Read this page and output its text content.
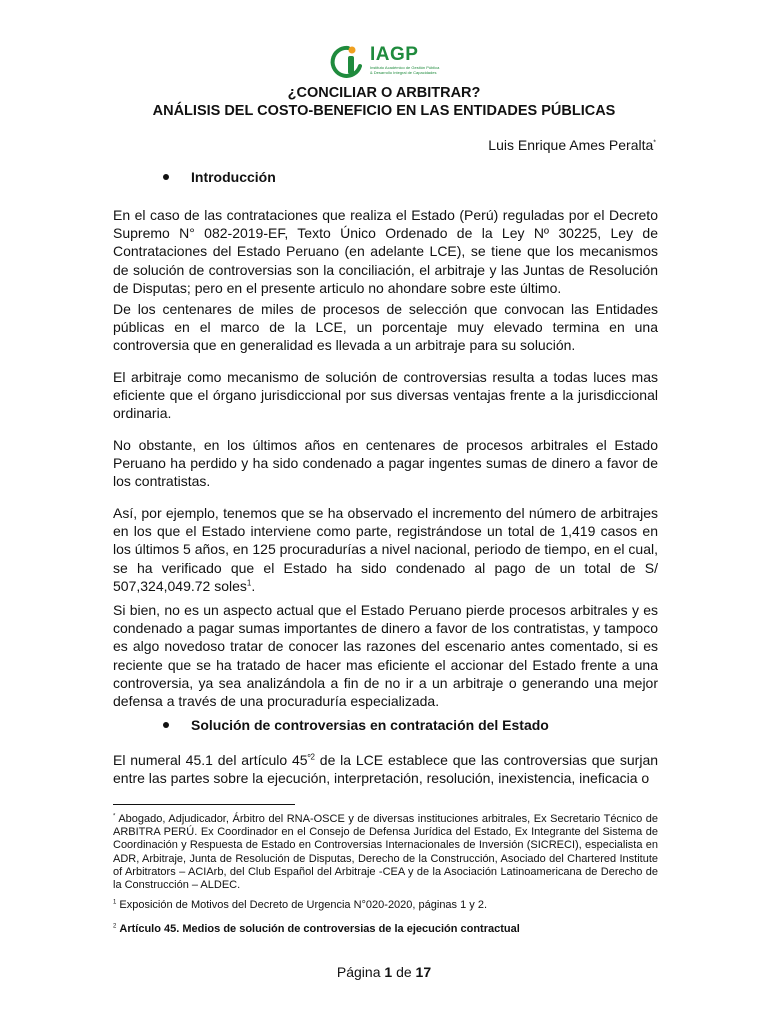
IAGP
Instituto Académico de Gestión Pública & Desarrollo Integral de Capacidades
¿CONCILIAR O ARBITRAR?
ANÁLISIS DEL COSTO-BENEFICIO EN LAS ENTIDADES PÚBLICAS
Luis Enrique Ames Peralta*
Introducción
En el caso de las contrataciones que realiza el Estado (Perú) reguladas por el Decreto Supremo N° 082-2019-EF, Texto Único Ordenado de la Ley Nº 30225, Ley de Contrataciones del Estado Peruano (en adelante LCE), se tiene que los mecanismos de solución de controversias son la conciliación, el arbitraje y las Juntas de Resolución de Disputas; pero en el presente articulo no ahondare sobre este último.
De los centenares de miles de procesos de selección que convocan las Entidades públicas en el marco de la LCE, un porcentaje muy elevado termina en una controversia que en generalidad es llevada a un arbitraje para su solución.
El arbitraje como mecanismo de solución de controversias resulta a todas luces mas eficiente que el órgano jurisdiccional por sus diversas ventajas frente a la jurisdiccional ordinaria.
No obstante, en los últimos años en centenares de procesos arbitrales el Estado Peruano ha perdido y ha sido condenado a pagar ingentes sumas de dinero a favor de los contratistas.
Así, por ejemplo, tenemos que se ha observado el incremento del número de arbitrajes en los que el Estado interviene como parte, registrándose un total de 1,419 casos en los últimos 5 años, en 125 procuradurías a nivel nacional, periodo de tiempo, en el cual, se ha verificado que el Estado ha sido condenado al pago de un total de S/ 507,324,049.72 soles$^1$.
Si bien, no es un aspecto actual que el Estado Peruano pierde procesos arbitrales y es condenado a pagar sumas importantes de dinero a favor de los contratistas, y tampoco es algo novedoso tratar de conocer las razones del escenario antes comentado, si es reciente que se ha tratado de hacer mas eficiente el accionar del Estado frente a una controversia, ya sea analizándola a fin de no ir a un arbitraje o generando una mejor defensa a través de una procuraduría especializada.
Solución de controversias en contratación del Estado
El numeral 45.1 del artículo $45^{º2}$ de la LCE establece que las controversias que surjan entre las partes sobre la ejecución, interpretación, resolución, inexistencia, ineficacia o
* Abogado, Adjudicador, Árbitro del RNA-OSCE y de diversas instituciones arbitrales, Ex Secretario Técnico de ARBITRA PERÚ. Ex Coordinador en el Consejo de Defensa Jurídica del Estado, Ex Integrante del Sistema de Coordinación y Respuesta de Estado en Controversias Internacionales de Inversión (SICRECI), especialista en ADR, Arbitraje, Junta de Resolución de Disputas, Derecho de la Construcción, Asociado del Chartered Institute of Arbitrators – ACIArb, del Club Español del Arbitraje -CEA y de la Asociación Latinoamericana de Derecho de la Construcción – ALDEC.
$^1$ Exposición de Motivos del Decreto de Urgencia N°020-2020, páginas 1 y 2.
$^2$ Artículo 45. Medios de solución de controversias de la ejecución contractual
Página 1 de 17
